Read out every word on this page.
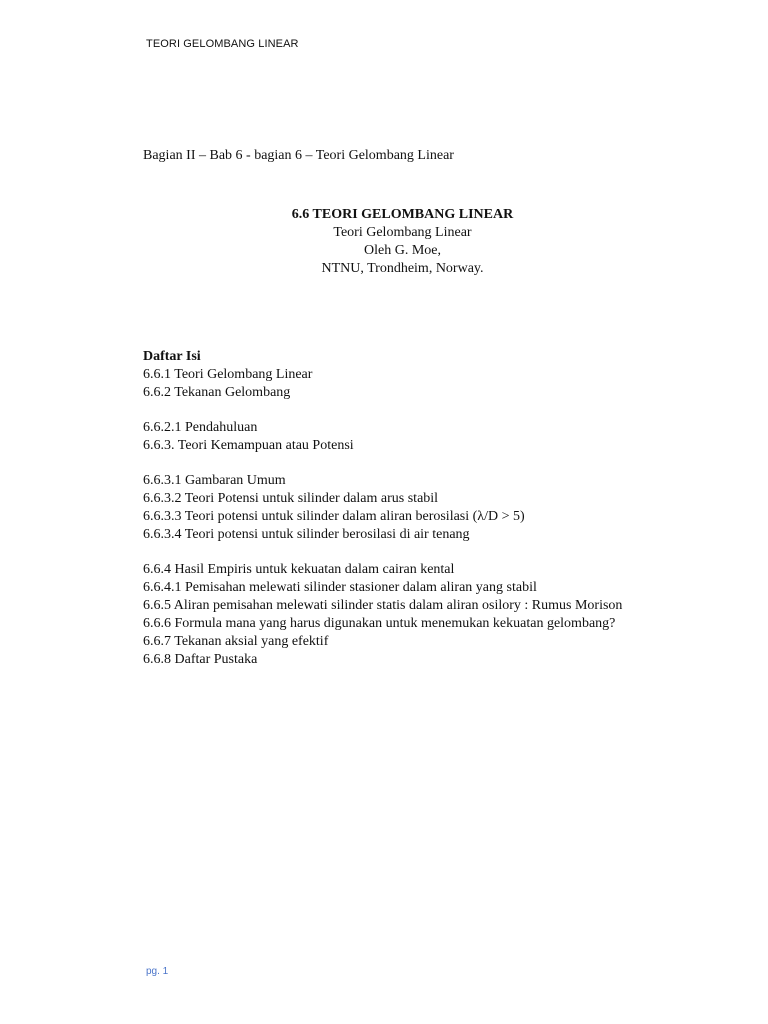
TEORI GELOMBANG LINEAR
Bagian II – Bab 6 - bagian 6 – Teori Gelombang Linear
6.6 TEORI GELOMBANG LINEAR
Teori Gelombang Linear
Oleh G. Moe,
NTNU, Trondheim, Norway.
Daftar Isi
6.6.1 Teori Gelombang Linear
6.6.2 Tekanan Gelombang
6.6.2.1 Pendahuluan
6.6.3. Teori Kemampuan atau Potensi
6.6.3.1 Gambaran Umum
6.6.3.2 Teori Potensi untuk silinder dalam arus stabil
6.6.3.3 Teori potensi untuk silinder dalam aliran berosilasi (λ/D > 5)
6.6.3.4 Teori potensi untuk silinder berosilasi di air tenang
6.6.4 Hasil Empiris untuk kekuatan dalam cairan kental
6.6.4.1 Pemisahan melewati silinder stasioner dalam aliran yang stabil
6.6.5 Aliran pemisahan melewati silinder statis dalam aliran osilory : Rumus Morison
6.6.6 Formula mana yang harus digunakan untuk menemukan kekuatan gelombang?
6.6.7 Tekanan aksial yang efektif
6.6.8 Daftar Pustaka
pg. 1
